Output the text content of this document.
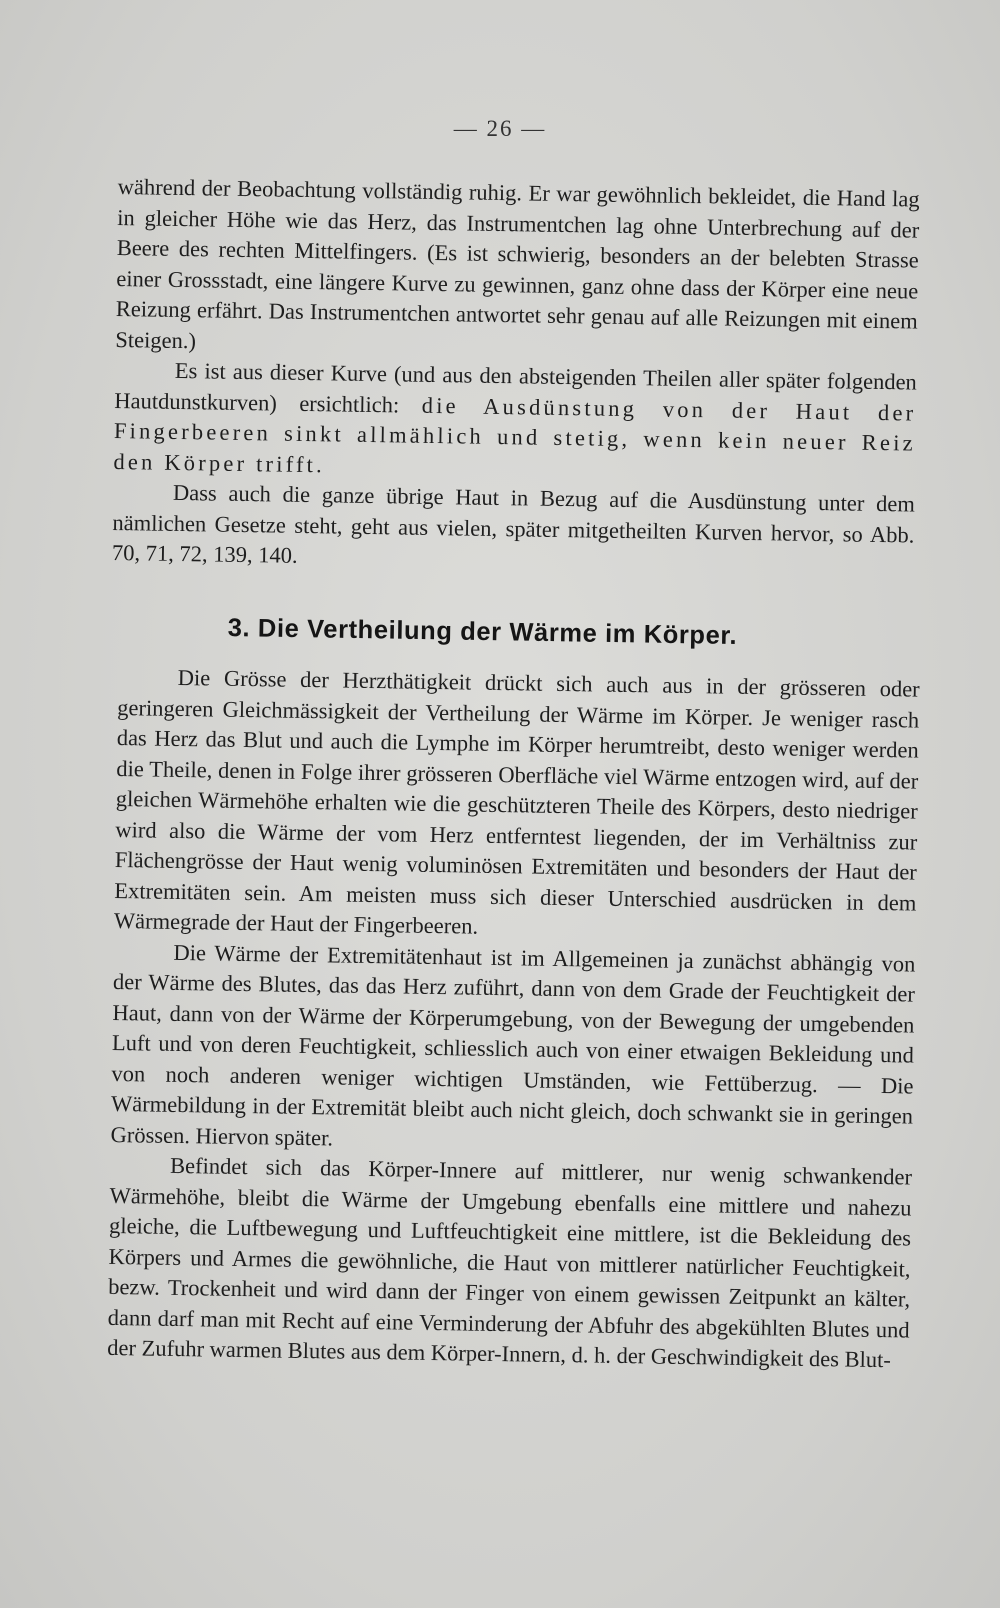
— 26 —

während der Beobachtung vollständig ruhig. Er war gewöhnlich bekleidet, die Hand lag in gleicher Höhe wie das Herz, das Instrumentchen lag ohne Unterbrechung auf der Beere des rechten Mittelfingers. (Es ist schwierig, besonders an der belebten Strasse einer Grossstadt, eine längere Kurve zu gewinnen, ganz ohne dass der Körper eine neue Reizung erfährt. Das Instrumentchen antwortet sehr genau auf alle Reizungen mit einem Steigen.)

Es ist aus dieser Kurve (und aus den absteigenden Theilen aller später folgenden Hautdunstkurven) ersichtlich: die Ausdünstung von der Haut der Fingerbeeren sinkt allmählich und stetig, wenn kein neuer Reiz den Körper trifft.

Dass auch die ganze übrige Haut in Bezug auf die Ausdünstung unter dem nämlichen Gesetze steht, geht aus vielen, später mitgetheilten Kurven hervor, so Abb. 70, 71, 72, 139, 140.

3. Die Vertheilung der Wärme im Körper.

Die Grösse der Herzthätigkeit drückt sich auch aus in der grösseren oder geringeren Gleichmässigkeit der Vertheilung der Wärme im Körper. Je weniger rasch das Herz das Blut und auch die Lymphe im Körper herumtreibt, desto weniger werden die Theile, denen in Folge ihrer grösseren Oberfläche viel Wärme entzogen wird, auf der gleichen Wärmehöhe erhalten wie die geschützteren Theile des Körpers, desto niedriger wird also die Wärme der vom Herz entferntest liegenden, der im Verhältniss zur Flächengrösse der Haut wenig voluminösen Extremitäten und besonders der Haut der Extremitäten sein. Am meisten muss sich dieser Unterschied ausdrücken in dem Wärmegrade der Haut der Fingerbeeren.

Die Wärme der Extremitätenhaut ist im Allgemeinen ja zunächst abhängig von der Wärme des Blutes, das das Herz zuführt, dann von dem Grade der Feuchtigkeit der Haut, dann von der Wärme der Körperumgebung, von der Bewegung der umgebenden Luft und von deren Feuchtigkeit, schliesslich auch von einer etwaigen Bekleidung und von noch anderen weniger wichtigen Umständen, wie Fettüberzug. — Die Wärmebildung in der Extremität bleibt auch nicht gleich, doch schwankt sie in geringen Grössen. Hiervon später.

Befindet sich das Körper-Innere auf mittlerer, nur wenig schwankender Wärmehöhe, bleibt die Wärme der Umgebung ebenfalls eine mittlere und nahezu gleiche, die Luftbewegung und Luftfeuchtigkeit eine mittlere, ist die Bekleidung des Körpers und Armes die gewöhnliche, die Haut von mittlerer natürlicher Feuchtigkeit, bezw. Trockenheit und wird dann der Finger von einem gewissen Zeitpunkt an kälter, dann darf man mit Recht auf eine Verminderung der Abfuhr des abgekühlten Blutes und der Zufuhr warmen Blutes aus dem Körper-Innern, d. h. der Geschwindigkeit des Blut-
